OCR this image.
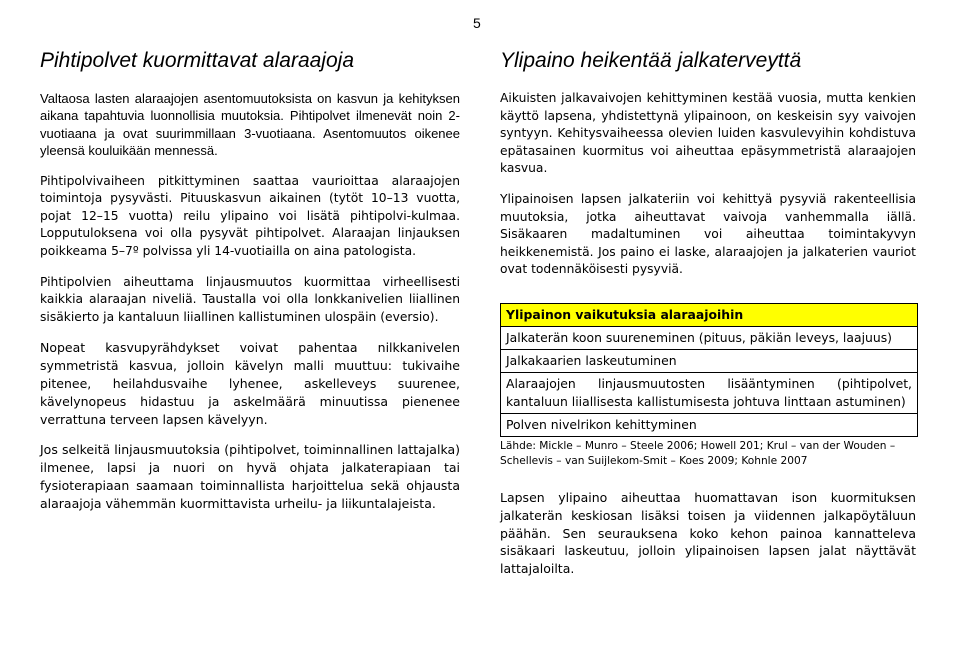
5
Pihtipolvet kuormittavat alaraajoja

Valtaosa lasten alaraajojen asentomuutoksista on kasvun ja kehityksen aikana tapahtuvia luonnollisia muutoksia. Pihtipolvet ilmenevät noin 2-vuotiaana ja ovat suurimmillaan 3-vuotiaana. Asentomuutos oikenee yleensä kouluikään mennessä.

Pihtipolvivaiheen pitkittyminen saattaa vaurioittaa alaraajojen toimintoja pysyvästi. Pituuskasvun aikainen (tytöt 10–13 vuotta, pojat 12–15 vuotta) reilu ylipaino voi lisätä pihtipolvi-kulmaa. Lopputuloksena voi olla pysyvät pihtipolvet. Alaraajan linjauksen poikkeama 5–7º polvissa yli 14-vuotiailla on aina patologista.

Pihtipolvien aiheuttama linjausmuutos kuormittaa virheellisesti kaikkia alaraajan niveliä. Taustalla voi olla lonkkanivelien liiallinen sisäkierto ja kantaluun liiallinen kallistuminen ulospäin (eversio).

Nopeat kasvupyrähdykset voivat pahentaa nilkkanivelen symmetristä kasvua, jolloin kävelyn malli muuttuu: tukivaihe pitenee, heilahdusvaihe lyhenee, askelleveys suurenee, kävelynopeus hidastuu ja askelmäärä minuutissa pienenee verrattuna terveen lapsen kävelyyn.

Jos selkeitä linjausmuutoksia (pihtipolvet, toiminnallinen lattajalka) ilmenee, lapsi ja nuori on hyvä ohjata jalkaterapiaan tai fysioterapiaan saamaan toiminnallista harjoittelua sekä ohjausta alaraajoja vähemmän kuormittavista urheilu- ja liikuntalajeista.

Ylipaino heikentää jalkaterveyttä

Aikuisten jalkavaivojen kehittyminen kestää vuosia, mutta kenkien käyttö lapsena, yhdistettynä ylipainoon, on keskeisin syy vaivojen syntyyn. Kehitysvaiheessa olevien luiden kasvulevyihin kohdistuva epätasainen kuormitus voi aiheuttaa epäsymmetristä alaraajojen kasvua.

Ylipainoisen lapsen jalkateriin voi kehittyä pysyviä rakenteellisia muutoksia, jotka aiheuttavat vaivoja vanhemmalla iällä. Sisäkaaren madaltuminen voi aiheuttaa toimintakyvyn heikkenemistä. Jos paino ei laske, alaraajojen ja jalkaterien vauriot ovat todennäköisesti pysyviä.

Ylipainon vaikutuksia alaraajoihin
Jalkaterän koon suureneminen (pituus, päkiän leveys, laajuus)
Jalkakaarien laskeutuminen
Alaraajojen linjausmuutosten lisääntyminen (pihtipolvet, kantaluun liiallisesta kallistumisesta johtuva linttaan astuminen)
Polven nivelrikon kehittyminen
Lähde: Mickle – Munro – Steele 2006; Howell 201; Krul – van der Wouden – Schellevis – van Suijlekom-Smit – Koes 2009; Kohnle 2007

Lapsen ylipaino aiheuttaa huomattavan ison kuormituksen jalkaterän keskiosan lisäksi toisen ja viidennen jalkapöytäluun päähän. Sen seurauksena koko kehon painoa kannatteleva sisäkaari laskeutuu, jolloin ylipainoisen lapsen jalat näyttävät lattajaloilta.
